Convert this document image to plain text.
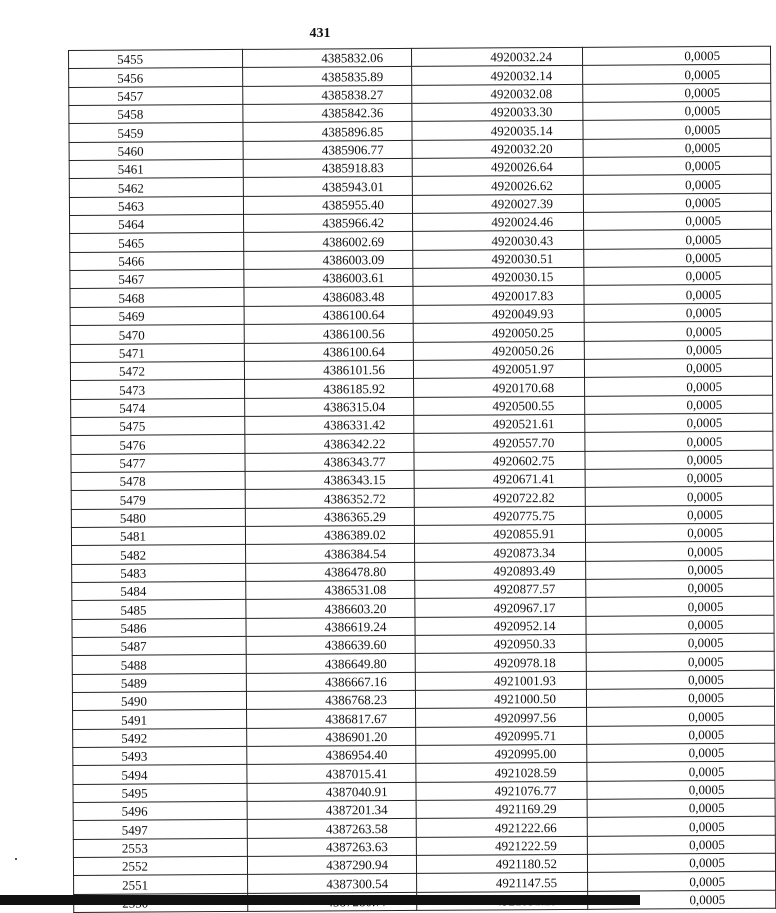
431
5455	4385832.06	4920032.24	0,0005
5456	4385835.89	4920032.14	0,0005
5457	4385838.27	4920032.08	0,0005
5458	4385842.36	4920033.30	0,0005
5459	4385896.85	4920035.14	0,0005
5460	4385906.77	4920032.20	0,0005
5461	4385918.83	4920026.64	0,0005
5462	4385943.01	4920026.62	0,0005
5463	4385955.40	4920027.39	0,0005
5464	4385966.42	4920024.46	0,0005
5465	4386002.69	4920030.43	0,0005
5466	4386003.09	4920030.51	0,0005
5467	4386003.61	4920030.15	0,0005
5468	4386083.48	4920017.83	0,0005
5469	4386100.64	4920049.93	0,0005
5470	4386100.56	4920050.25	0,0005
5471	4386100.64	4920050.26	0,0005
5472	4386101.56	4920051.97	0,0005
5473	4386185.92	4920170.68	0,0005
5474	4386315.04	4920500.55	0,0005
5475	4386331.42	4920521.61	0,0005
5476	4386342.22	4920557.70	0,0005
5477	4386343.77	4920602.75	0,0005
5478	4386343.15	4920671.41	0,0005
5479	4386352.72	4920722.82	0,0005
5480	4386365.29	4920775.75	0,0005
5481	4386389.02	4920855.91	0,0005
5482	4386384.54	4920873.34	0,0005
5483	4386478.80	4920893.49	0,0005
5484	4386531.08	4920877.57	0,0005
5485	4386603.20	4920967.17	0,0005
5486	4386619.24	4920952.14	0,0005
5487	4386639.60	4920950.33	0,0005
5488	4386649.80	4920978.18	0,0005
5489	4386667.16	4921001.93	0,0005
5490	4386768.23	4921000.50	0,0005
5491	4386817.67	4920997.56	0,0005
5492	4386901.20	4920995.71	0,0005
5493	4386954.40	4920995.00	0,0005
5494	4387015.41	4921028.59	0,0005
5495	4387040.91	4921076.77	0,0005
5496	4387201.34	4921169.29	0,0005
5497	4387263.58	4921222.66	0,0005
2553	4387263.63	4921222.59	0,0005
2552	4387290.94	4921180.52	0,0005
2551	4387300.54	4921147.55	0,0005
			0,0005
